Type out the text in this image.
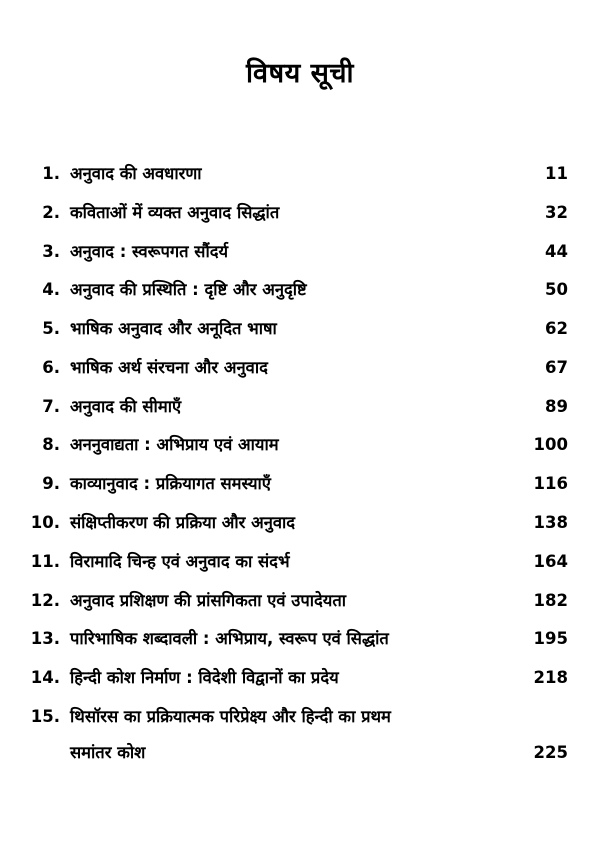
विषय सूची
1. अनुवाद की अवधारणा	11
2. कविताओं में व्यक्त अनुवाद सिद्धांत	32
3. अनुवाद : स्वरूपगत सौंदर्य	44
4. अनुवाद की प्रस्थिति : दृष्टि और अनुदृष्टि	50
5. भाषिक अनुवाद और अनूदित भाषा	62
6. भाषिक अर्थ संरचना और अनुवाद	67
7. अनुवाद की सीमाएँ	89
8. अननुवाद्यता : अभिप्राय एवं आयाम	100
9. काव्यानुवाद : प्रक्रियागत समस्याएँ	116
10. संक्षिप्तीकरण की प्रक्रिया और अनुवाद	138
11. विरामादि चिन्ह एवं अनुवाद का संदर्भ	164
12. अनुवाद प्रशिक्षण की प्रांसगिकता एवं उपादेयता	182
13. पारिभाषिक शब्दावली : अभिप्राय, स्वरूप एवं सिद्धांत	195
14. हिन्दी कोश निर्माण : विदेशी विद्वानों का प्रदेय	218
15. थिसॉरस का प्रक्रियात्मक परिप्रेक्ष्य और हिन्दी का प्रथम
समांतर कोश	225
